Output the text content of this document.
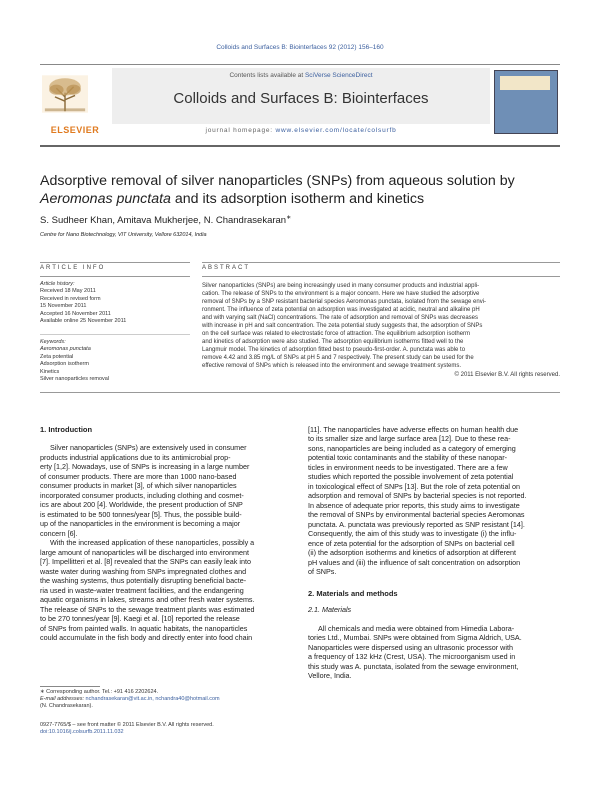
Colloids and Surfaces B: Biointerfaces 92 (2012) 156–160
ELSEVIER
Contents lists available at SciVerse ScienceDirect
Colloids and Surfaces B: Biointerfaces
journal homepage: www.elsevier.com/locate/colsurfb
Adsorptive removal of silver nanoparticles (SNPs) from aqueous solution by
Aeromonas punctata and its adsorption isotherm and kinetics
S. Sudheer Khan, Amitava Mukherjee, N. Chandrasekaran∗
Centre for Nano Biotechnology, VIT University, Vellore 632014, India
ARTICLE INFO	ABSTRACT
Article history:
Received 18 May 2011
Received in revised form
15 November 2011
Accepted 16 November 2011
Available online 25 November 2011
Keywords:
Aeromonas punctata
Zeta potential
Adsorption isotherm
Kinetics
Silver nanoparticles removal
Silver nanoparticles (SNPs) are being increasingly used in many consumer products and industrial appli-
cation. The release of SNPs to the environment is a major concern. Here we have studied the adsorptive
removal of SNPs by a SNP resistant bacterial species Aeromonas punctata, isolated from the sewage envi-
ronment. The influence of zeta potential on adsorption was investigated at acidic, neutral and alkaline pH
and with varying salt (NaCl) concentrations. The rate of adsorption and removal of SNPs was decreases
with increase in pH and salt concentration. The zeta potential study suggests that, the adsorption of SNPs
on the cell surface was related to electrostatic force of attraction. The equilibrium adsorption isotherm
and kinetics of adsorption were also studied. The adsorption equilibrium isotherms fitted well to the
Langmuir model. The kinetics of adsorption fitted best to pseudo-first-order. A. punctata was able to
remove 4.42 and 3.85 mg/L of SNPs at pH 5 and 7 respectively. The present study can be used for the
effective removal of SNPs which is released into the environment and sewage treatment systems.
© 2011 Elsevier B.V. All rights reserved.
1. Introduction
Silver nanoparticles (SNPs) are extensively used in consumer
products industrial applications due to its antimicrobial prop-
erty [1,2]. Nowadays, use of SNPs is increasing in a large number
of consumer products. There are more than 1000 nano-based
consumer products in market [3], of which silver nanoparticles
incorporated consumer products, including clothing and cosmet-
ics are about 200 [4]. Worldwide, the present production of SNP
is estimated to be 500 tonnes/year [5]. Thus, the possible build-
up of the nanoparticles in the environment is becoming a major
concern [6].
With the increased application of these nanoparticles, possibly a
large amount of nanoparticles will be discharged into environment
[7]. Impellitteri et al. [8] revealed that the SNPs can easily leak into
waste water during washing from SNPs impregnated clothes and
the washing systems, thus potentially disrupting beneficial bacte-
ria used in waste-water treatment facilities, and the endangering
aquatic organisms in lakes, streams and other fresh water systems.
The release of SNPs to the sewage treatment plants was estimated
to be 270 tonnes/year [9]. Kaegi et al. [10] reported the release
of SNPs from painted walls. In aquatic habitats, the nanoparticles
could accumulate in the fish body and directly enter into food chain
[11]. The nanoparticles have adverse effects on human health due
to its smaller size and large surface area [12]. Due to these rea-
sons, nanoparticles are being included as a category of emerging
potential toxic contaminants and the stability of these nanopar-
ticles in environment needs to be investigated. There are a few
studies which reported the possible involvement of zeta potential
in toxicological effect of SNPs [13]. But the role of zeta potential on
adsorption and removal of SNPs by bacterial species is not reported.
In absence of adequate prior reports, this study aims to investigate
the removal of SNPs by environmental bacterial species Aeromonas
punctata. A. punctata was previously reported as SNP resistant [14].
Consequently, the aim of this study was to investigate (i) the influ-
ence of zeta potential for the adsorption of SNPs on bacterial cell
(ii) the adsorption isotherms and kinetics of adsorption at different
pH values and (iii) the influence of salt concentration on adsorption
of SNPs.
2. Materials and methods
2.1. Materials
All chemicals and media were obtained from Himedia Labora-
tories Ltd., Mumbai. SNPs were obtained from Sigma Aldrich, USA.
Nanoparticles were dispersed using an ultrasonic processor with
a frequency of 132 kHz (Crest, USA). The microorganism used in
this study was A. punctata, isolated from the sewage environment,
Vellore, India.
∗ Corresponding author. Tel.: +91 416 2202624.
E-mail addresses: nchandrasekaran@vit.ac.in, nchandra40@hotmail.com
(N. Chandrasekaran).
0927-7765/$ – see front matter © 2011 Elsevier B.V. All rights reserved.
doi:10.1016/j.colsurfb.2011.11.032
